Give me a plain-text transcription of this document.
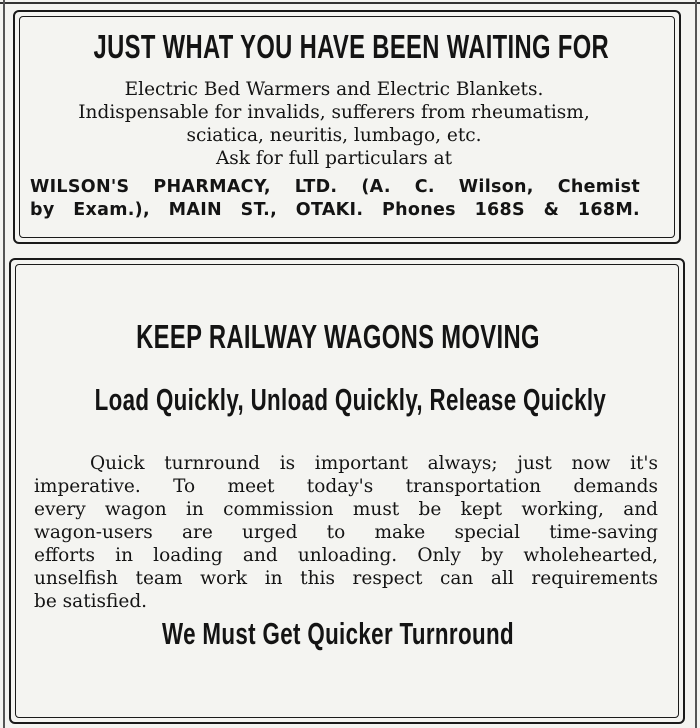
JUST WHAT YOU HAVE BEEN WAITING FOR
Electric Bed Warmers and Electric Blankets.
Indispensable for invalids, sufferers from rheumatism,
sciatica, neuritis, lumbago, etc.
Ask for full particulars at
WILSON'S PHARMACY, LTD. (A. C. Wilson, Chemist
by Exam.), MAIN ST., OTAKI. Phones 168S & 168M.
KEEP RAILWAY WAGONS MOVING
Load Quickly, Unload Quickly, Release Quickly
Quick turnround is important always; just now it's
imperative. To meet today's transportation demands
every wagon in commission must be kept working, and
wagon-users are urged to make special time-saving
efforts in loading and unloading. Only by wholehearted,
unselfish team work in this respect can all requirements
be satisfied.
We Must Get Quicker Turnround
